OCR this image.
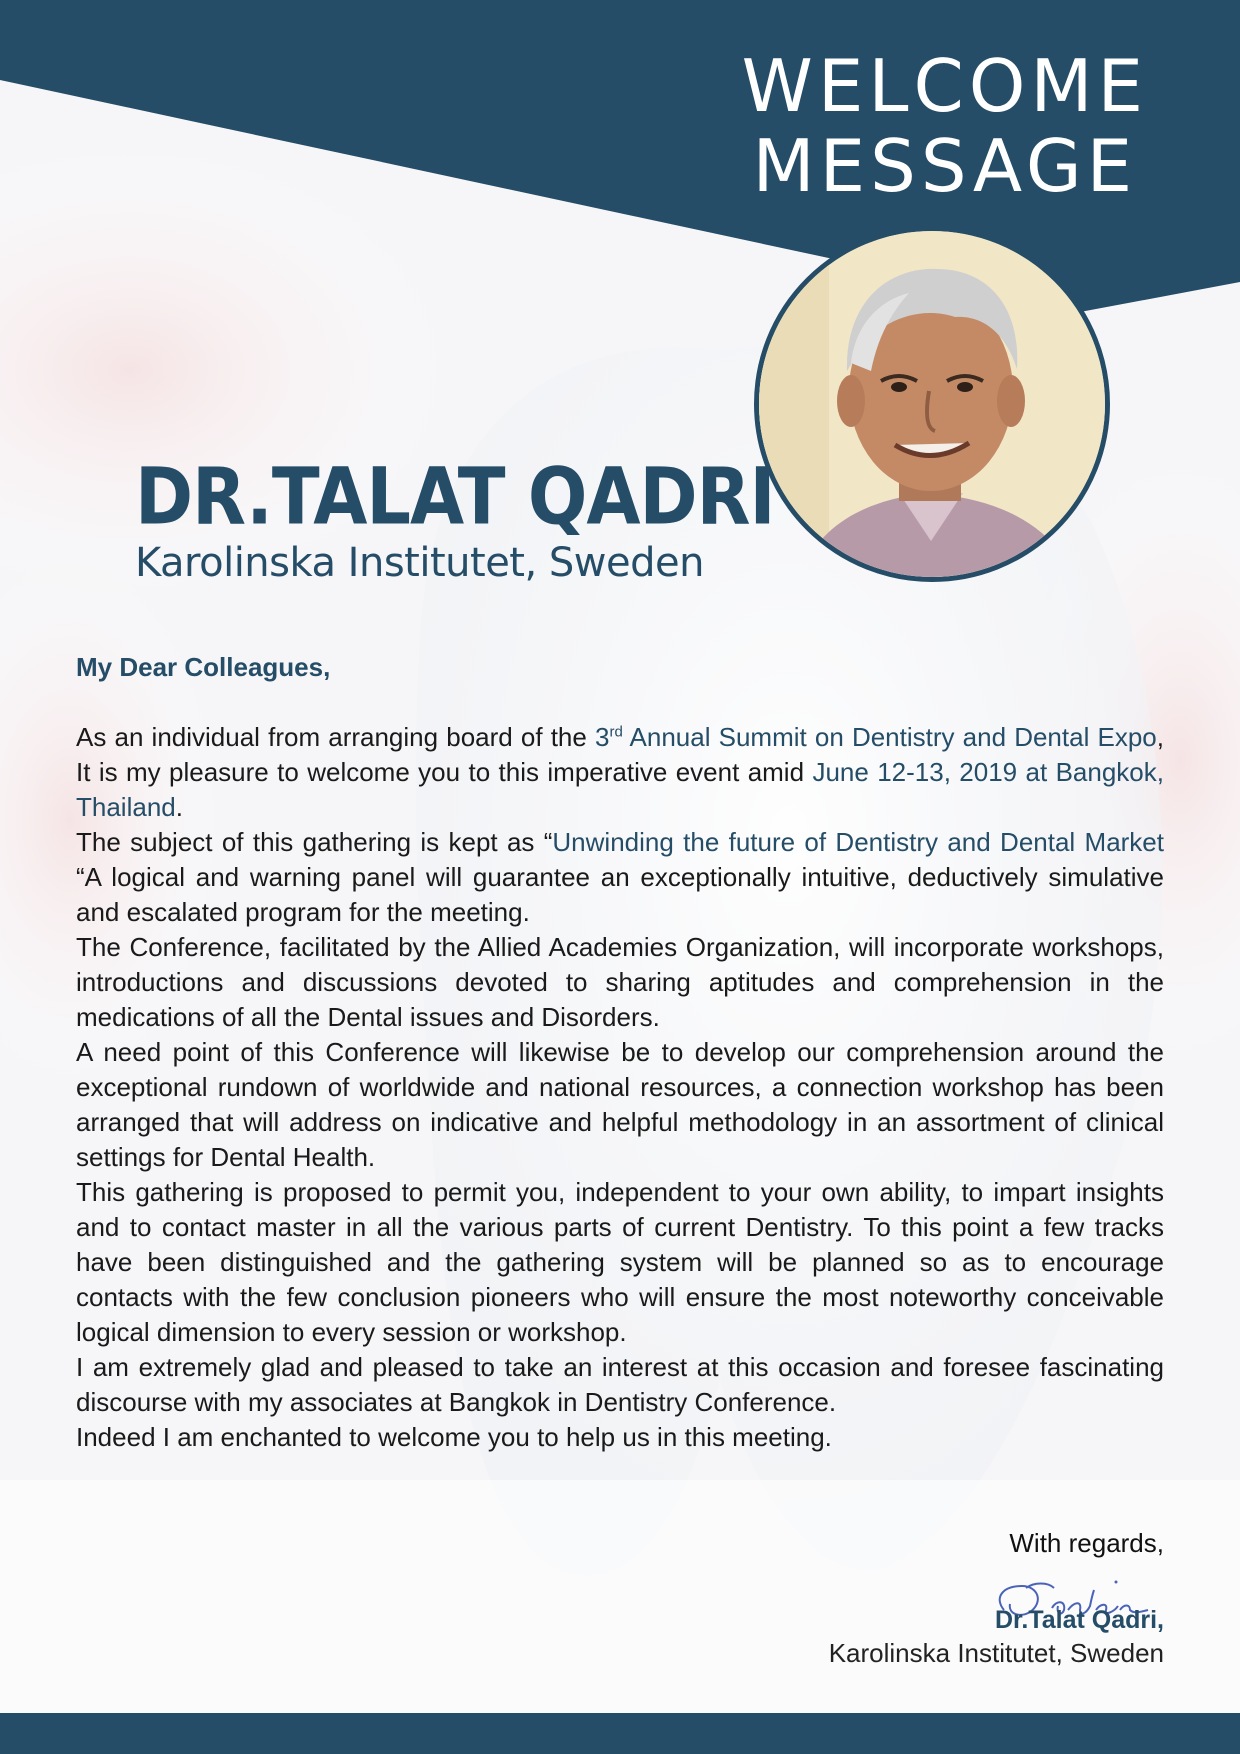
WELCOME
MESSAGE
DR.TALAT QADRI
Karolinska Institutet, Sweden
My Dear Colleagues,

As an individual from arranging board of the 3rd Annual Summit on Dentistry and Dental Expo, It is my pleasure to welcome you to this imperative event amid June 12-13, 2019 at Bangkok, Thailand.

The subject of this gathering is kept as “Unwinding the future of Dentistry and Dental Market “A logical and warning panel will guarantee an exceptionally intuitive, deductively simulative and escalated program for the meeting.

The Conference, facilitated by the Allied Academies Organization, will incorporate workshops, introductions and discussions devoted to sharing aptitudes and comprehension in the medications of all the Dental issues and Disorders.

A need point of this Conference will likewise be to develop our comprehension around the exceptional rundown of worldwide and national resources, a connection workshop has been arranged that will address on indicative and helpful methodology in an assortment of clinical settings for Dental Health.

This gathering is proposed to permit you, independent to your own ability, to impart insights and to contact master in all the various parts of current Dentistry. To this point a few tracks have been distinguished and the gathering system will be planned so as to encourage contacts with the few conclusion pioneers who will ensure the most noteworthy conceivable logical dimension to every session or workshop.

I am extremely glad and pleased to take an interest at this occasion and foresee fascinating discourse with my associates at Bangkok in Dentistry Conference.

Indeed I am enchanted to welcome you to help us in this meeting.

With regards,
Dr.Talat Qadri,
Karolinska Institutet, Sweden
